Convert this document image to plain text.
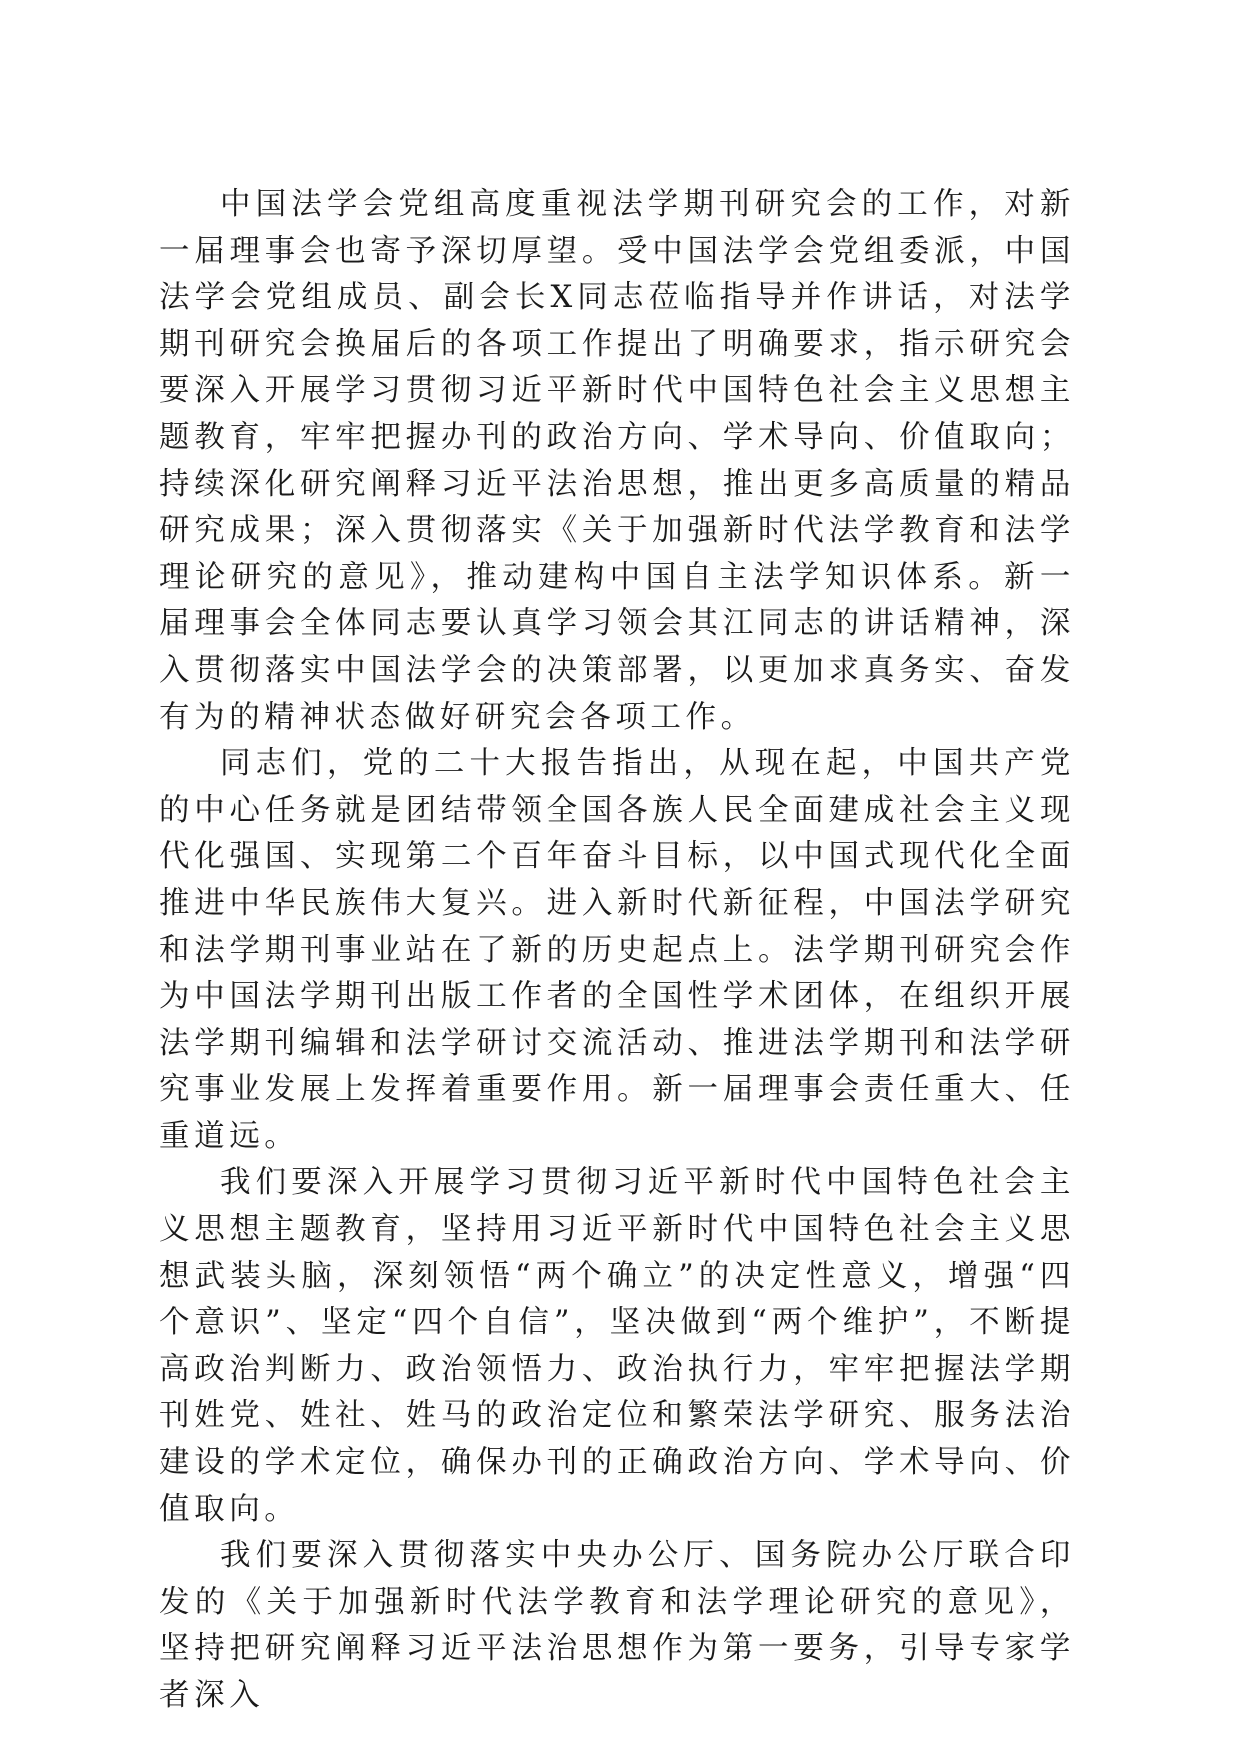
中国法学会党组高度重视法学期刊研究会的工作，对新一届理事会也寄予深切厚望。受中国法学会党组委派，中国法学会党组成员、副会长X同志莅临指导并作讲话，对法学期刊研究会换届后的各项工作提出了明确要求，指示研究会要深入开展学习贯彻习近平新时代中国特色社会主义思想主题教育，牢牢把握办刊的政治方向、学术导向、价值取向；持续深化研究阐释习近平法治思想，推出更多高质量的精品研究成果；深入贯彻落实《关于加强新时代法学教育和法学理论研究的意见》，推动建构中国自主法学知识体系。新一届理事会全体同志要认真学习领会其江同志的讲话精神，深入贯彻落实中国法学会的决策部署，以更加求真务实、奋发有为的精神状态做好研究会各项工作。

同志们，党的二十大报告指出，从现在起，中国共产党的中心任务就是团结带领全国各族人民全面建成社会主义现代化强国、实现第二个百年奋斗目标，以中国式现代化全面推进中华民族伟大复兴。进入新时代新征程，中国法学研究和法学期刊事业站在了新的历史起点上。法学期刊研究会作为中国法学期刊出版工作者的全国性学术团体，在组织开展法学期刊编辑和法学研讨交流活动、推进法学期刊和法学研究事业发展上发挥着重要作用。新一届理事会责任重大、任重道远。

我们要深入开展学习贯彻习近平新时代中国特色社会主义思想主题教育，坚持用习近平新时代中国特色社会主义思想武装头脑，深刻领悟“两个确立”的决定性意义，增强“四个意识”、坚定“四个自信”，坚决做到“两个维护”，不断提高政治判断力、政治领悟力、政治执行力，牢牢把握法学期刊姓党、姓社、姓马的政治定位和繁荣法学研究、服务法治建设的学术定位，确保办刊的正确政治方向、学术导向、价值取向。

我们要深入贯彻落实中央办公厅、国务院办公厅联合印发的《关于加强新时代法学教育和法学理论研究的意见》，坚持把研究阐释习近平法治思想作为第一要务，引导专家学者深入
